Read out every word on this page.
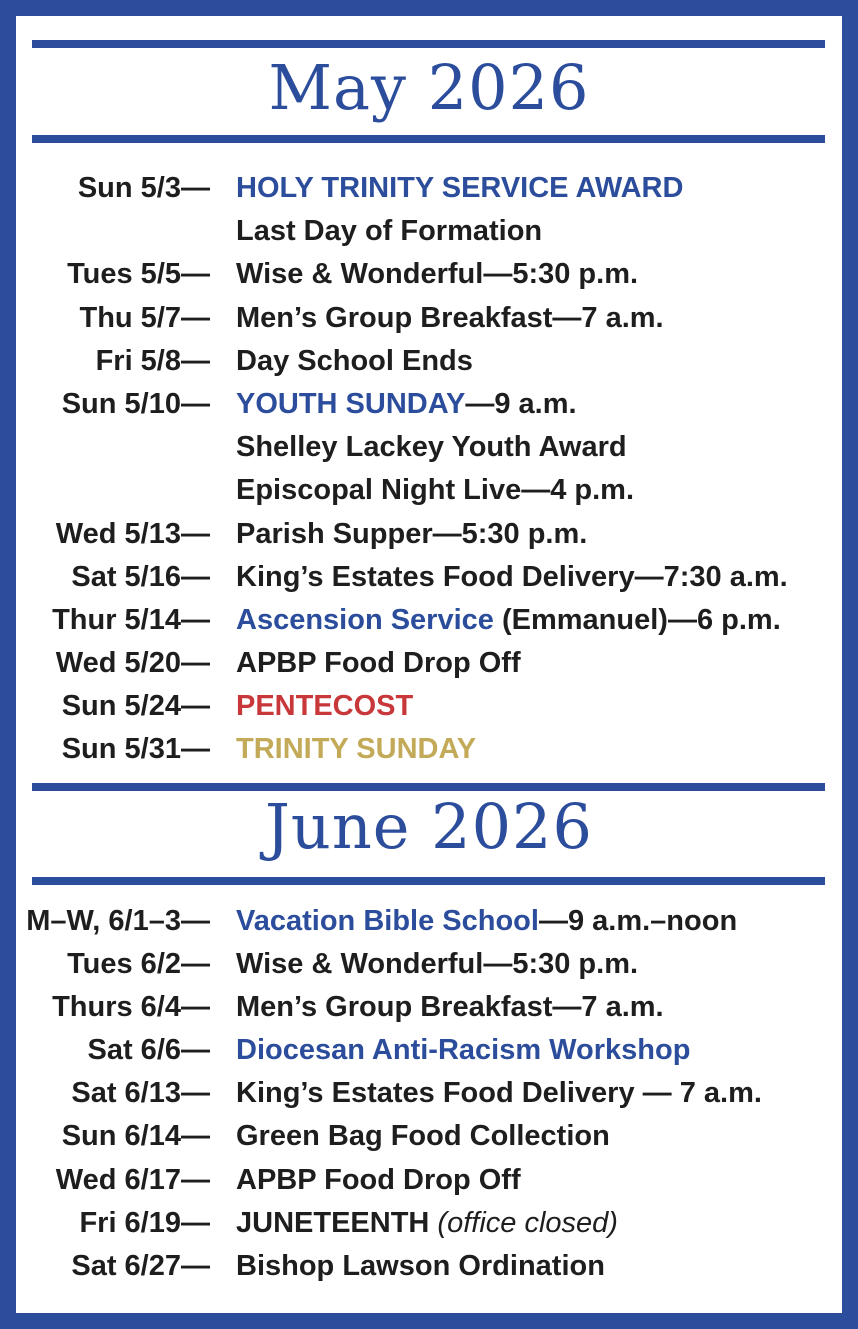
May 2026
Sun 5/3— HOLY TRINITY SERVICE AWARD
Last Day of Formation
Tues 5/5— Wise & Wonderful—5:30 p.m.
Thu 5/7— Men’s Group Breakfast—7 a.m.
Fri 5/8— Day School Ends
Sun 5/10— YOUTH SUNDAY—9 a.m.
Shelley Lackey Youth Award
Episcopal Night Live—4 p.m.
Wed 5/13— Parish Supper—5:30 p.m.
Sat 5/16— King’s Estates Food Delivery—7:30 a.m.
Thur 5/14— Ascension Service (Emmanuel)—6 p.m.
Wed 5/20— APBP Food Drop Off
Sun 5/24— PENTECOST
Sun 5/31— TRINITY SUNDAY
June 2026
M–W, 6/1–3— Vacation Bible School—9 a.m.–noon
Tues 6/2— Wise & Wonderful—5:30 p.m.
Thurs 6/4— Men’s Group Breakfast—7 a.m.
Sat 6/6— Diocesan Anti-Racism Workshop
Sat 6/13— King’s Estates Food Delivery — 7 a.m.
Sun 6/14— Green Bag Food Collection
Wed 6/17— APBP Food Drop Off
Fri 6/19— JUNETEENTH (office closed)
Sat 6/27— Bishop Lawson Ordination
